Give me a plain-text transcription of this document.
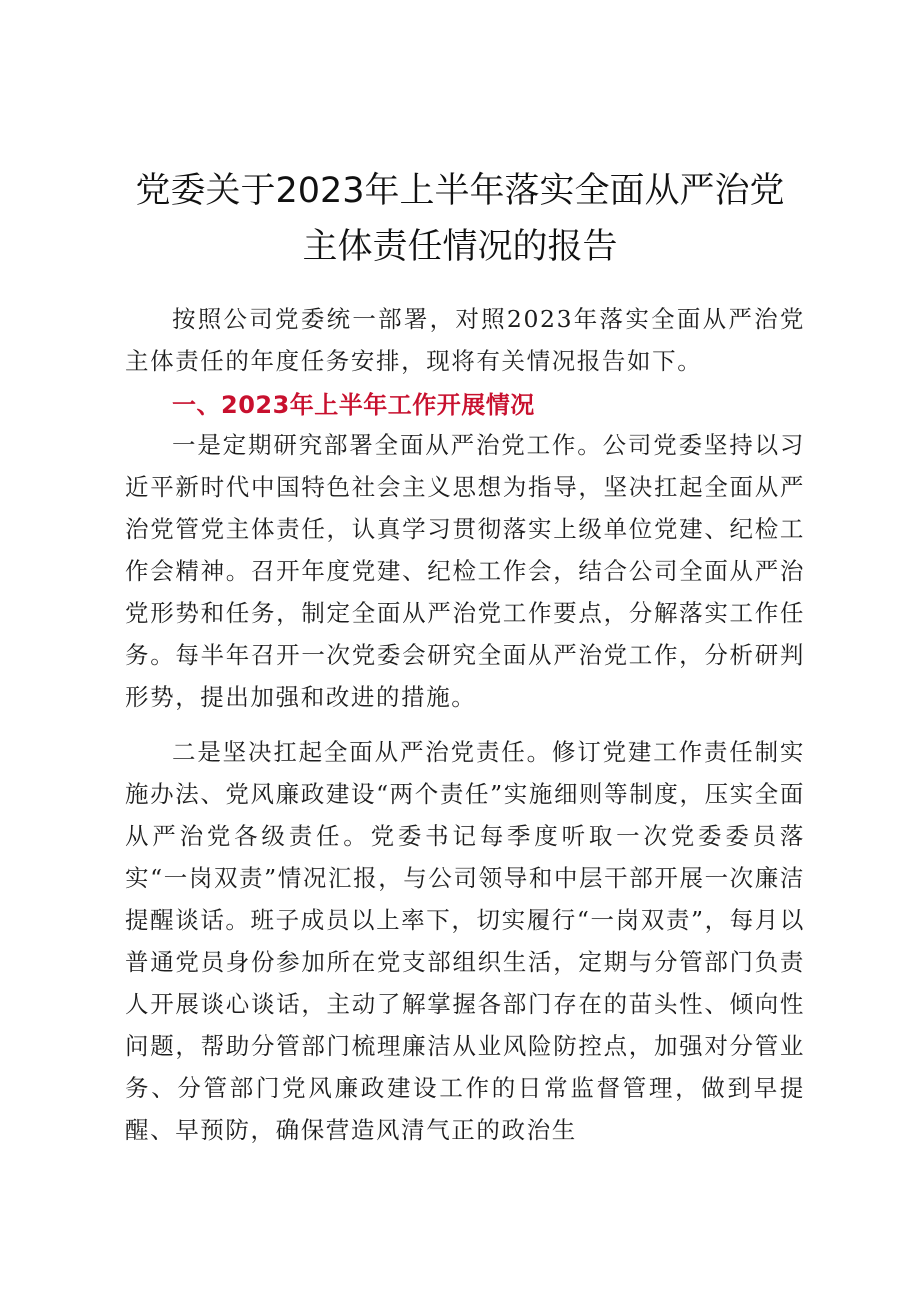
党委关于2023年上半年落实全面从严治党
主体责任情况的报告

按照公司党委统一部署，对照2023年落实全面从严治党主体责任的年度任务安排，现将有关情况报告如下。

一、2023年上半年工作开展情况

一是定期研究部署全面从严治党工作。公司党委坚持以习近平新时代中国特色社会主义思想为指导，坚决扛起全面从严治党管党主体责任，认真学习贯彻落实上级单位党建、纪检工作会精神。召开年度党建、纪检工作会，结合公司全面从严治党形势和任务，制定全面从严治党工作要点，分解落实工作任务。每半年召开一次党委会研究全面从严治党工作，分析研判形势，提出加强和改进的措施。

二是坚决扛起全面从严治党责任。修订党建工作责任制实施办法、党风廉政建设“两个责任”实施细则等制度，压实全面从严治党各级责任。党委书记每季度听取一次党委委员落实“一岗双责”情况汇报，与公司领导和中层干部开展一次廉洁提醒谈话。班子成员以上率下，切实履行“一岗双责”，每月以普通党员身份参加所在党支部组织生活，定期与分管部门负责人开展谈心谈话，主动了解掌握各部门存在的苗头性、倾向性问题，帮助分管部门梳理廉洁从业风险防控点，加强对分管业务、分管部门党风廉政建设工作的日常监督管理，做到早提醒、早预防，确保营造风清气正的政治生
